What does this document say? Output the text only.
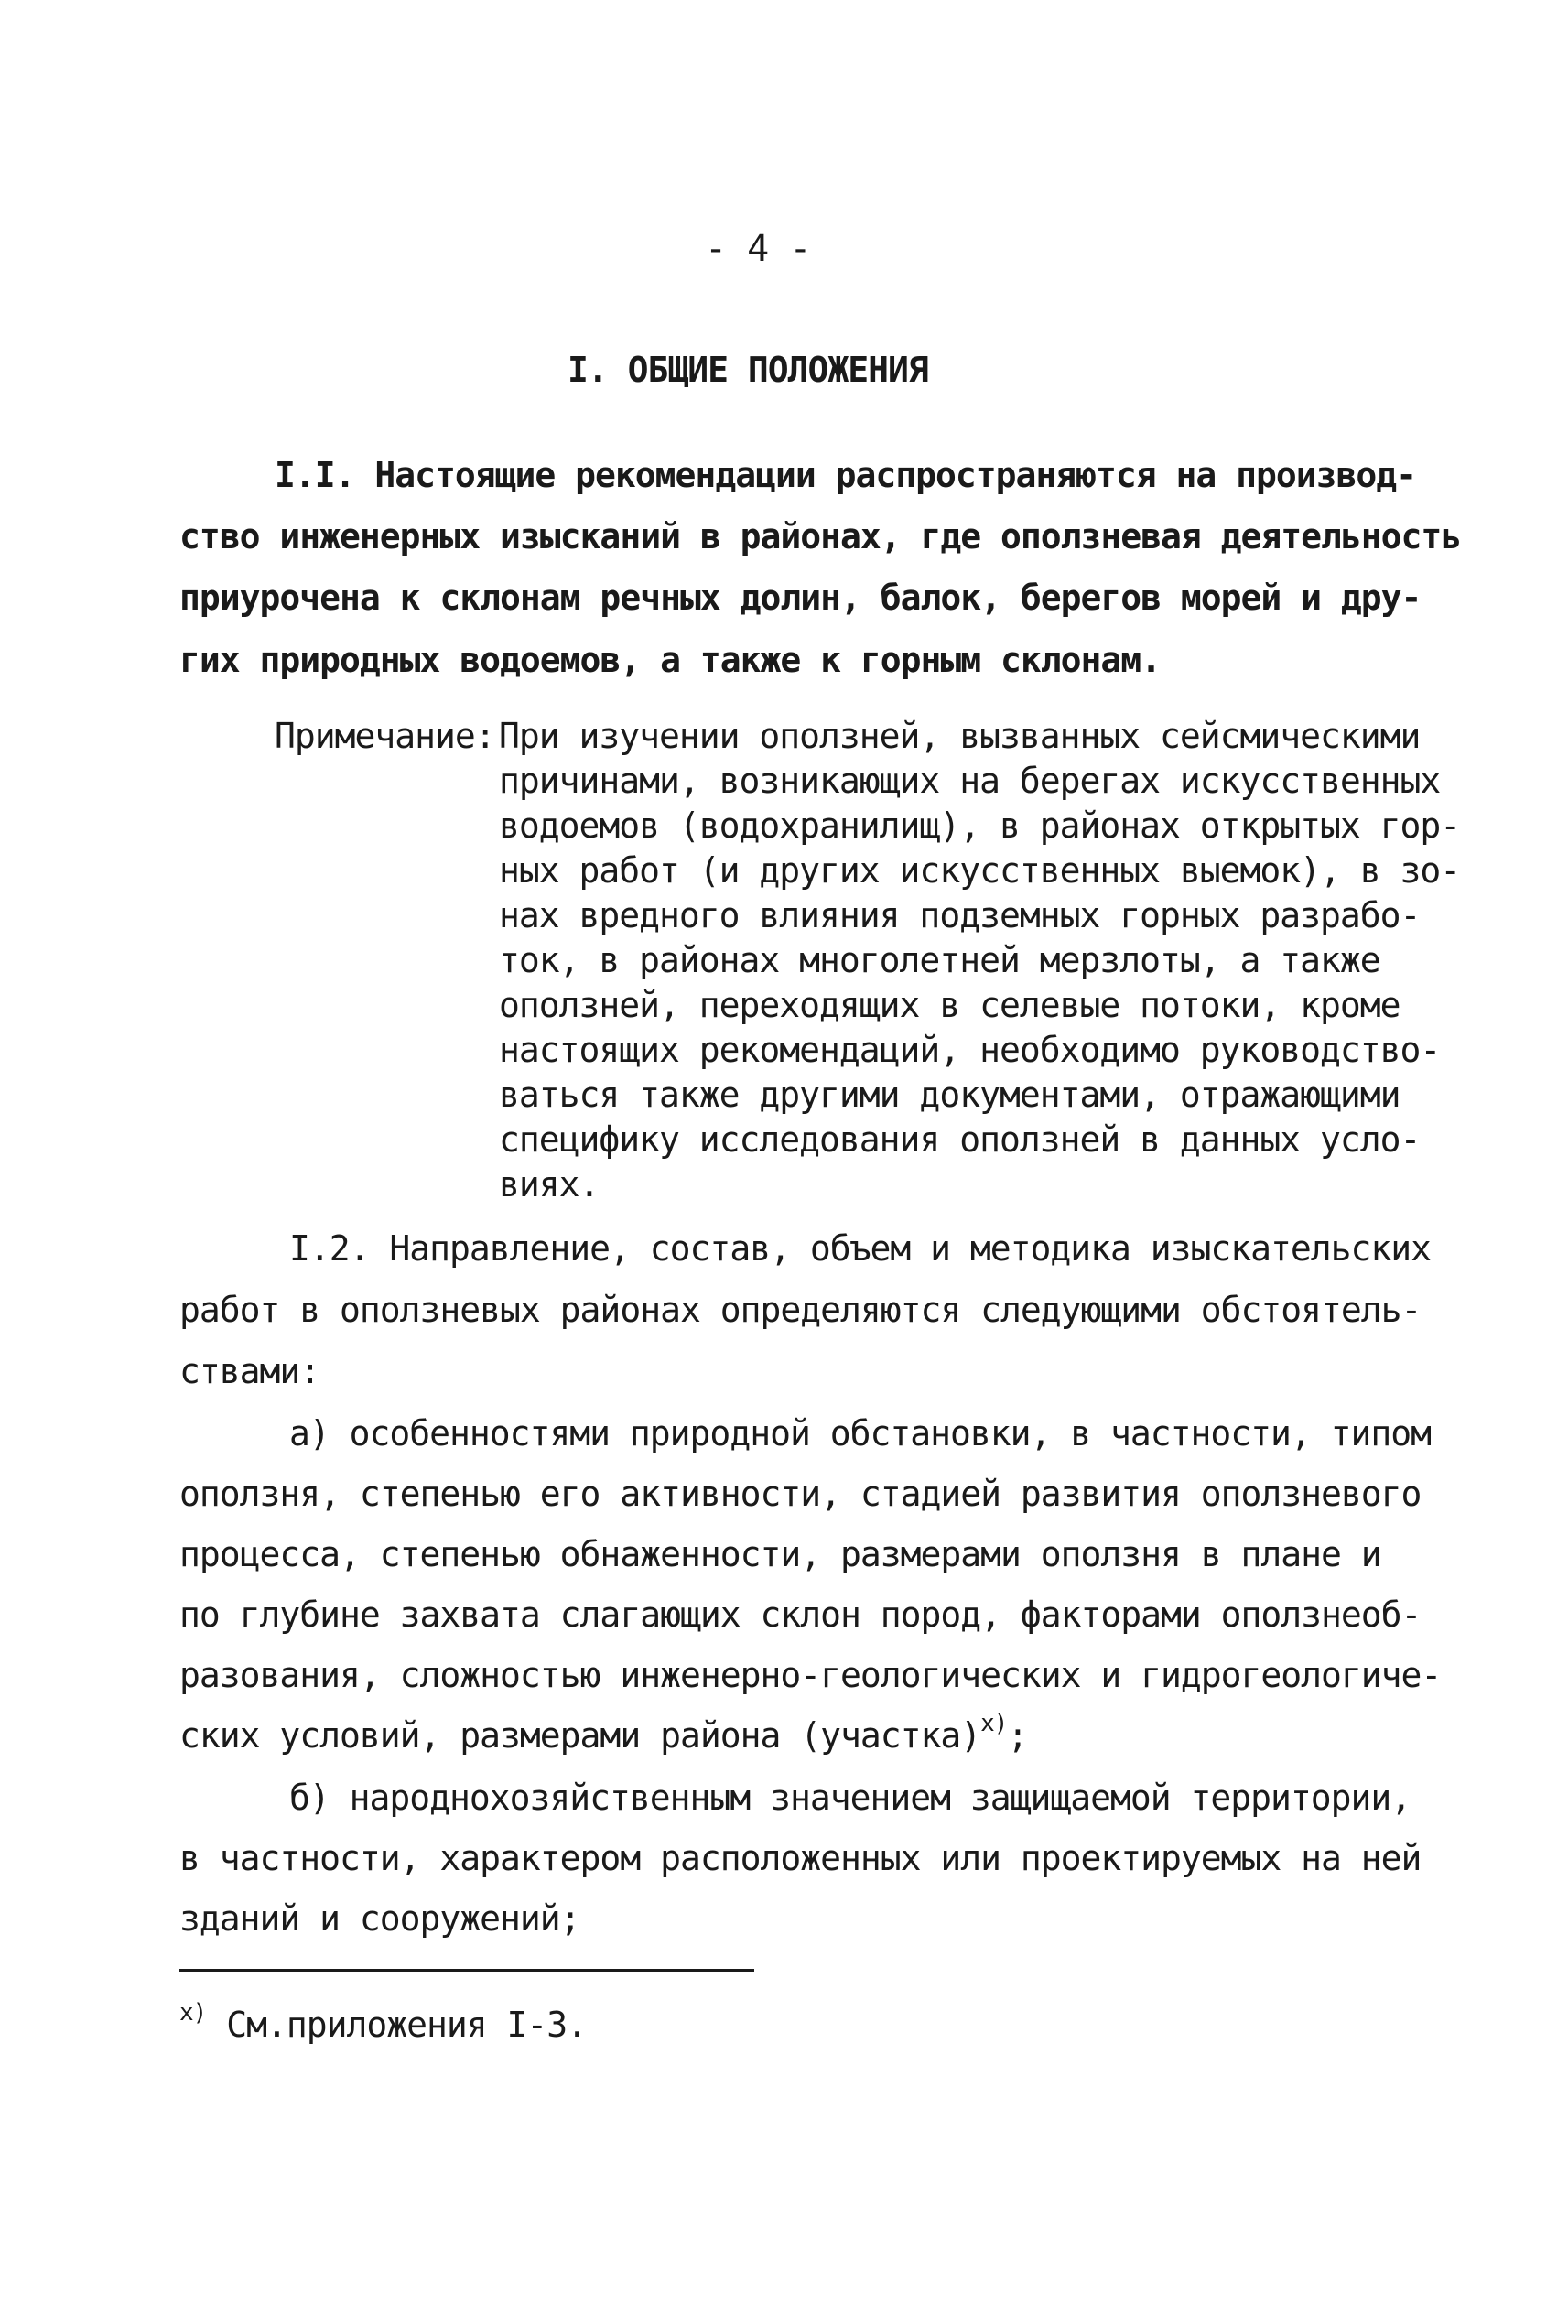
- 4 -
I. ОБЩИЕ ПОЛОЖЕНИЯ
I.I. Настоящие рекомендации распространяются на производ-
ство инженерных изысканий в районах, где оползневая деятельность
приурочена к склонам речных долин, балок, берегов морей и дру-
гих природных водоемов, а также к горным склонам.
Примечание: При изучении оползней, вызванных сейсмическими
причинами, возникающих на берегах искусственных
водоемов (водохранилищ), в районах открытых гор-
ных работ (и других искусственных выемок), в зо-
нах вредного влияния подземных горных разрабо-
ток, в районах многолетней мерзлоты, а также
оползней, переходящих в селевые потоки, кроме
настоящих рекомендаций, необходимо руководство-
ваться также другими документами, отражающими
специфику исследования оползней в данных усло-
виях.
I.2. Направление, состав, объем и методика изыскательских
работ в оползневых районах определяются следующими обстоятель-
ствами:
а) особенностями природной обстановки, в частности, типом
оползня, степенью его активности, стадией развития оползневого
процесса, степенью обнаженности, размерами оползня в плане и
по глубине захвата слагающих склон пород, факторами оползнеоб-
разования, сложностью инженерно-геологических и гидрогеологиче-
ских условий, размерами района (участка)$^{х)}$;
б) народнохозяйственным значением защищаемой территории,
в частности, характером расположенных или проектируемых на ней
зданий и сооружений;
$^{х)}$ См.приложения I-3.
